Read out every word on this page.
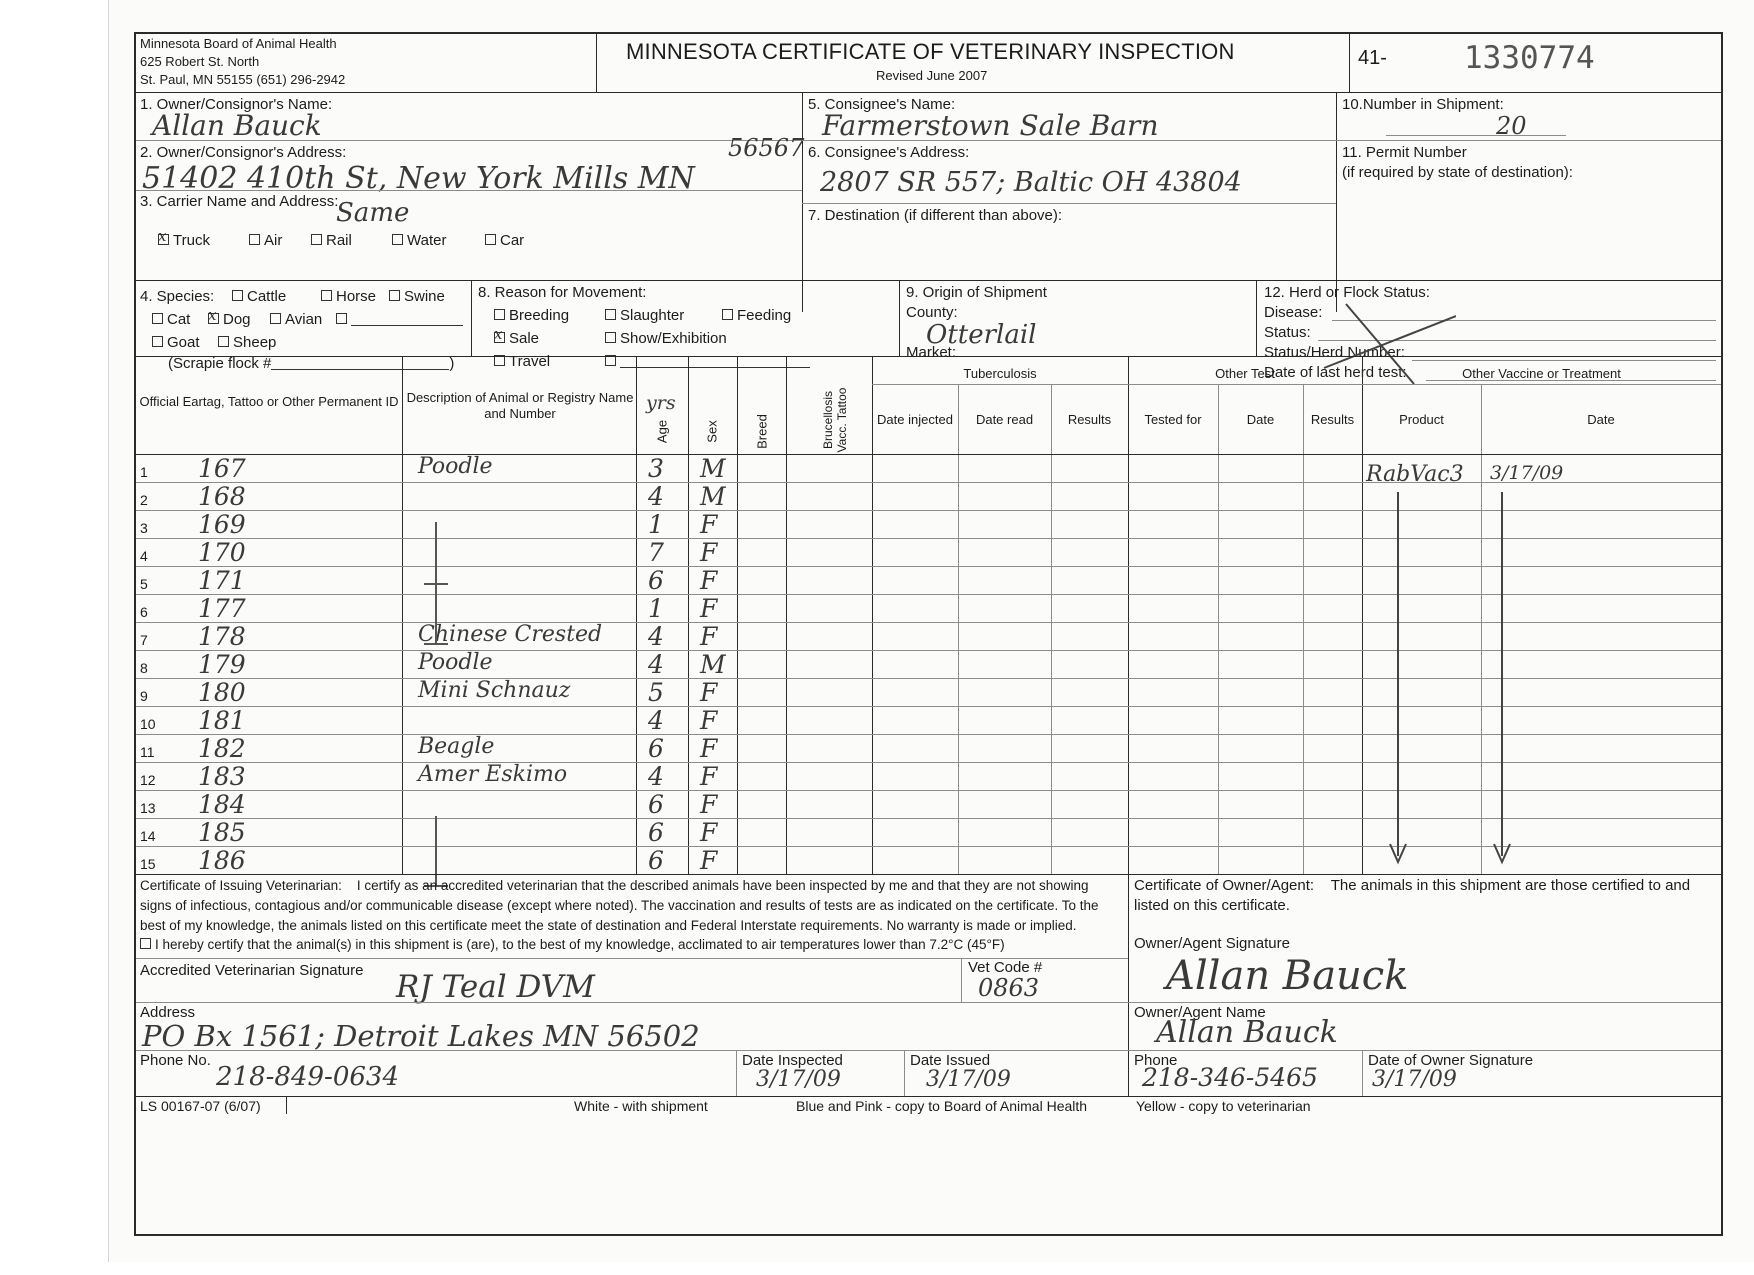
Minnesota Board of Animal Health
625 Robert St. North
St. Paul, MN 55155 (651) 296-2942
MINNESOTA CERTIFICATE OF VETERINARY INSPECTION
Revised June 2007
41- 1330774
1. Owner/Consignor's Name:
Allan Bauck
2. Owner/Consignor's Address:	56567
51402 410th St, New York Mills MN
3. Carrier Name and Address:
Same
xTruck	Air	Rail	Water	Car
5. Consignee's Name:
Farmerstown Sale Barn
6. Consignee's Address:
2807 SR 557; Baltic OH 43804
7. Destination (if different than above):
10.Number in Shipment:
20
11. Permit Number
(if required by state of destination):
4. Species:	Cattle	Horse	Swine
Cat
x	Dog	Avian
Goat	Sheep
(Scrapie flock #	)
8. Reason for Movement:
Breeding	Slaughter	Feeding
xSale	Show/Exhibition
Travel
9. Origin of Shipment
County:
Otterlail
Market:
12. Herd or Flock Status:
Disease:
Status:
Status/Herd Number:
Date of last herd test:
Official Eartag, Tattoo or Other Permanent ID Description of Animal or Registry Name and Number	yrs
Age	Sex	Breed	Brucellosis Vacc. Tattoo
Tuberculosis
Date injected	Date read	Results
Other Test
Tested for	Date	Results
Other Vaccine or Treatment
Product	Date
1 167	Poodle	3 M
2 168	4 M
3 169	1 F
4 170	7 F
5 171	6 F
6 177	1 F
7 178	Chinese Crested 4 F
8 179	Poodle	4 M
9 180	Mini Schnauz	5 F
10 181	4 F
11 182	Beagle	6 F
12 183	Amer Eskimo	4 F
13 184	6 F
14 185	6 F
15 186	6 F
RabVac3 3/17/09
Certificate of Issuing Veterinarian: I certify as an accredited veterinarian that the described animals have been inspected by me and that they are not showing signs of infectious, contagious and/or communicable disease (except where noted). The vaccination and results of tests are as indicated on the certificate. To the best of my knowledge, the animals listed on this certificate meet the state of destination and Federal Interstate requirements. No warranty is made or implied.
I hereby certify that the animal(s) in this shipment is (are), to the best of my knowledge, acclimated to air temperatures lower than 7.2°C (45°F)
Accredited Veterinarian Signature RJ Teal DVM
Vet Code #
0863
Address
PO Bx 1561; Detroit Lakes MN 56502
Phone No.
218-849-0634
Date Inspected
3/17/09
Date Issued
3/17/09
Certificate of Owner/Agent: The animals in this shipment are those certified to and listed on this certificate.
Owner/Agent Signature
Allan Bauck
Owner/Agent Name
Allan Bauck
Phone
218-346-5465
Date of Owner Signature
3/17/09
LS 00167-07 (6/07)	White - with shipment	Blue and Pink - copy to Board of Animal Health	Yellow - copy to veterinarian
